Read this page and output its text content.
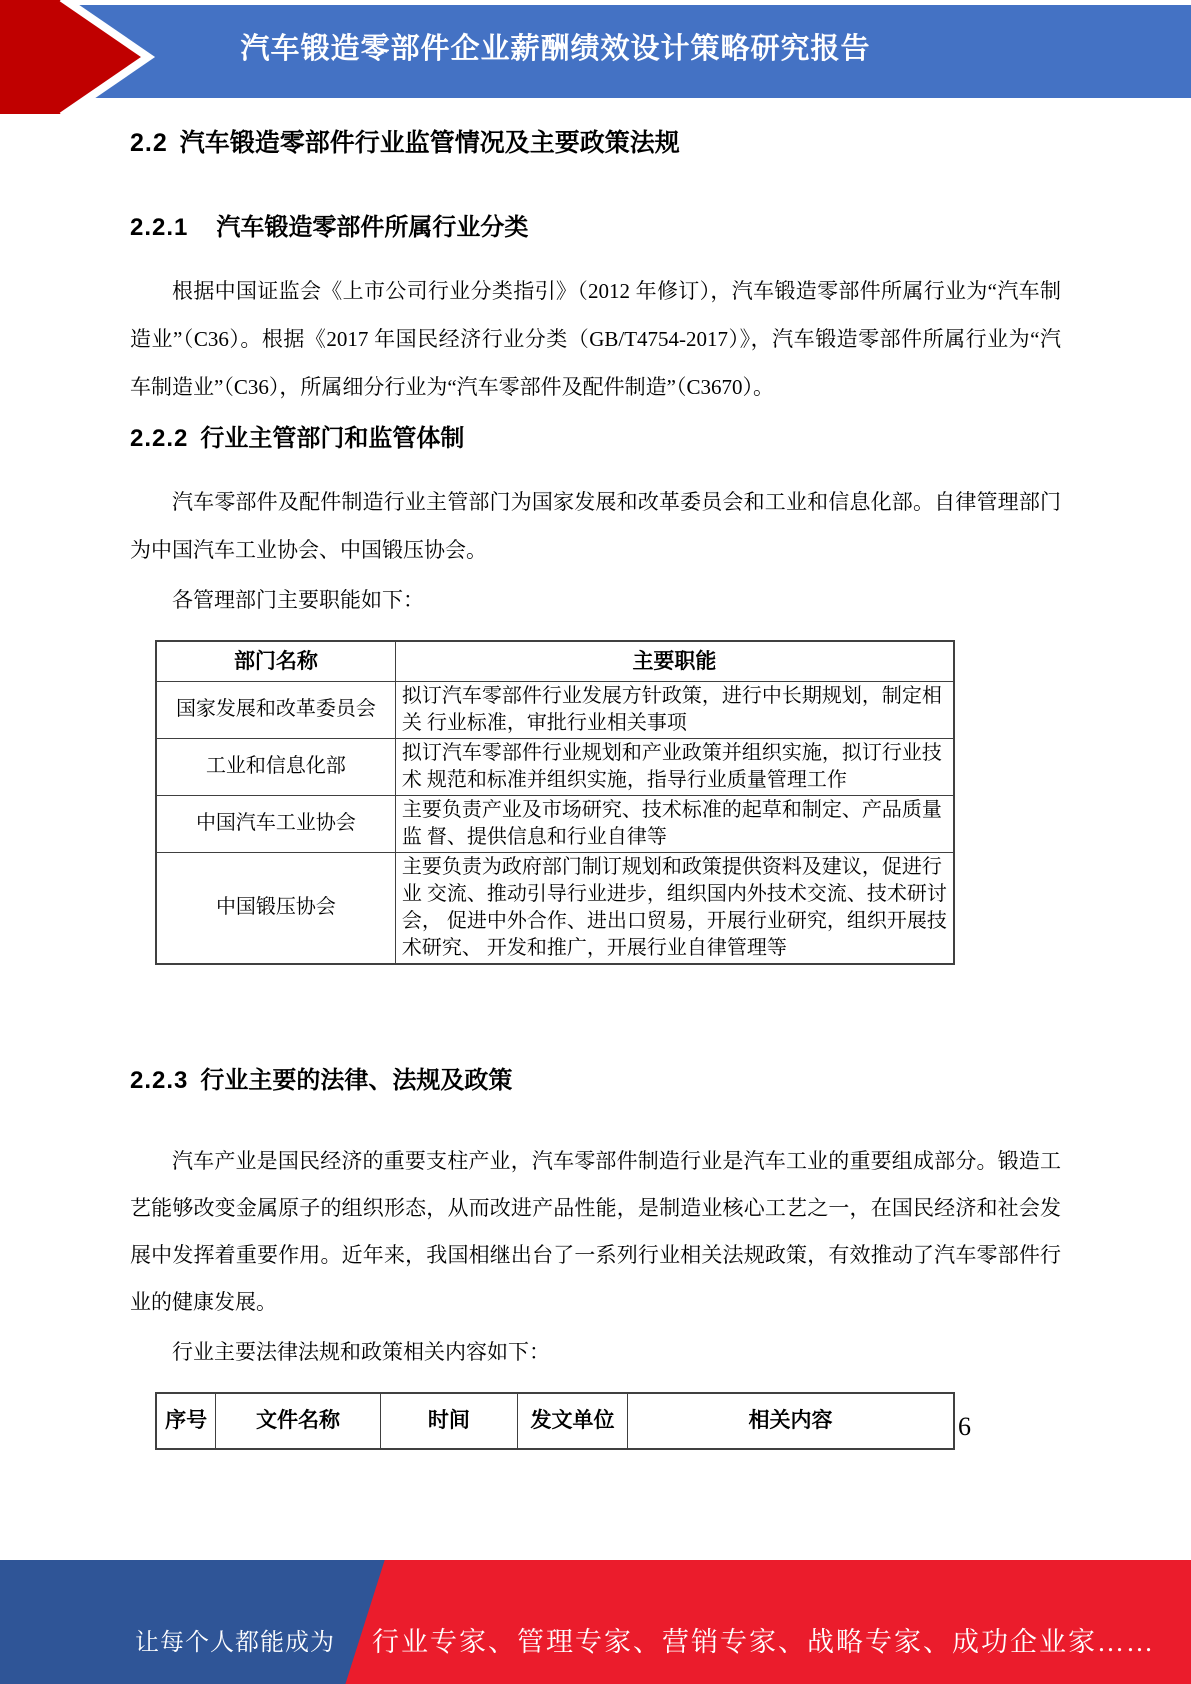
汽车锻造零部件企业薪酬绩效设计策略研究报告
2.2 汽车锻造零部件行业监管情况及主要政策法规
2.2.1 汽车锻造零部件所属行业分类

根据中国证监会《上市公司行业分类指引》（2012 年修订），汽车锻造零部件所属行业为“汽车制造业”（C36）。根据《2017 年国民经济行业分类（GB/T4754-2017）》，汽车锻造零部件所属行业为“汽车制造业”（C36），所属细分行业为“汽车零部件及配件制造”（C3670）。

2.2.2 行业主管部门和监管体制

汽车零部件及配件制造行业主管部门为国家发展和改革委员会和工业和信息化部。自律管理部门为中国汽车工业协会、中国锻压协会。

各管理部门主要职能如下：

部门名称	主要职能
国家发展和改革委员会	拟订汽车零部件行业发展方针政策，进行中长期规划，制定相关 行业标准，审批行业相关事项
工业和信息化部	拟订汽车零部件行业规划和产业政策并组织实施，拟订行业技术 规范和标准并组织实施，指导行业质量管理工作
中国汽车工业协会	主要负责产业及市场研究、技术标准的起草和制定、产品质量监 督、提供信息和行业自律等
中国锻压协会	主要负责为政府部门制订规划和政策提供资料及建议，促进行业 交流、推动引导行业进步，组织国内外技术交流、技术研讨会， 促进中外合作、进出口贸易，开展行业研究，组织开展技术研究、 开发和推广，开展行业自律管理等
2.2.3 行业主要的法律、法规及政策

汽车产业是国民经济的重要支柱产业，汽车零部件制造行业是汽车工业的重要组成部分。锻造工艺能够改变金属原子的组织形态，从而改进产品性能，是制造业核心工艺之一，在国民经济和社会发展中发挥着重要作用。近年来，我国相继出台了一系列行业相关法规政策，有效推动了汽车零部件行业的健康发展。

行业主要法律法规和政策相关内容如下：

序号	文件名称	时间	发文单位	相关内容	6
让每个人都能成为 行业专家、管理专家、营销专家、战略专家、成功企业家……
